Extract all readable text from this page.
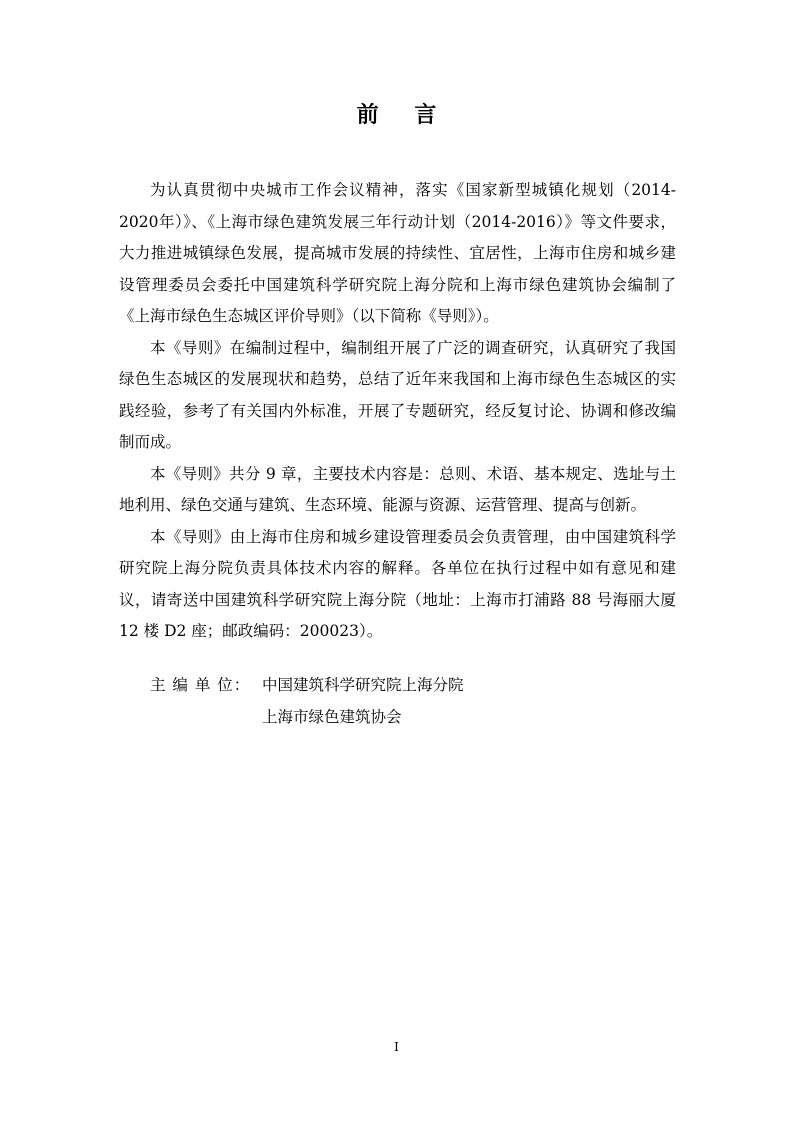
前 言

为认真贯彻中央城市工作会议精神，落实《国家新型城镇化规划（2014-2020年）》、《上海市绿色建筑发展三年行动计划（2014-2016）》等文件要求，大力推进城镇绿色发展，提高城市发展的持续性、宜居性，上海市住房和城乡建设管理委员会委托中国建筑科学研究院上海分院和上海市绿色建筑协会编制了《上海市绿色生态城区评价导则》（以下简称《导则》）。

本《导则》在编制过程中，编制组开展了广泛的调查研究，认真研究了我国绿色生态城区的发展现状和趋势，总结了近年来我国和上海市绿色生态城区的实践经验，参考了有关国内外标准，开展了专题研究，经反复讨论、协调和修改编制而成。

本《导则》共分 9 章，主要技术内容是：总则、术语、基本规定、选址与土地利用、绿色交通与建筑、生态环境、能源与资源、运营管理、提高与创新。

本《导则》由上海市住房和城乡建设管理委员会负责管理，由中国建筑科学研究院上海分院负责具体技术内容的解释。各单位在执行过程中如有意见和建议，请寄送中国建筑科学研究院上海分院（地址：上海市打浦路 88 号海丽大厦 12 楼 D2 座；邮政编码：200023）。

主 编 单 位： 中国建筑科学研究院上海分院
上海市绿色建筑协会
I
